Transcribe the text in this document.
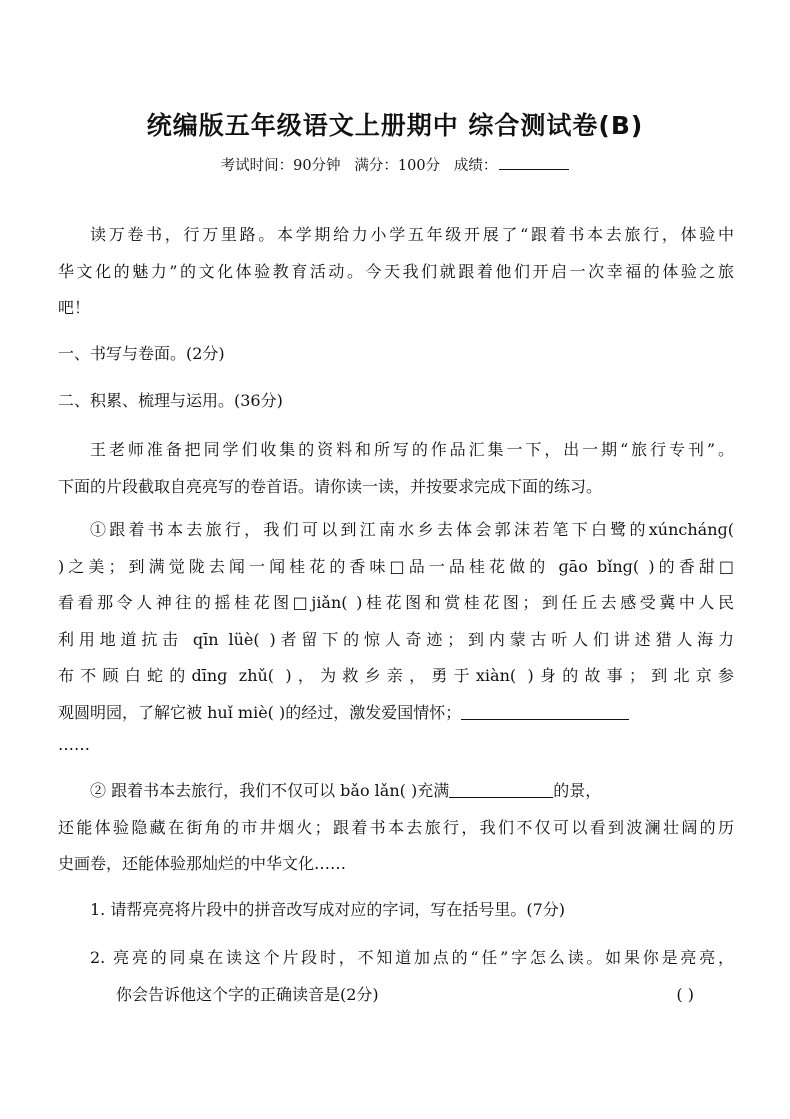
统编版五年级语文上册期中 综合测试卷(B)
考试时间：90分钟   满分：100分   成绩：
读万卷书，行万里路。本学期给力小学五年级开展了“跟着书本去旅行，体验中
华文化的魅力”的文化体验教育活动。今天我们就跟着他们开启一次幸福的体验之旅
吧！
一、书写与卷面。(2分)
二、积累、梳理与运用。(36分)
王老师准备把同学们收集的资料和所写的作品汇集一下，出一期“旅行专刊”。
下面的片段截取自亮亮写的卷首语。请你读一读，并按要求完成下面的练习。
①跟着书本去旅行，我们可以到江南水乡去体会郭沫若笔下白鹭的xúnchánɡ(
)之美；到满觉陇去闻一闻桂花的香味□品一品桂花做的 ɡāo bǐnɡ( )的香甜□
看看那令人神往的摇桂花图□jiǎn( )桂花图和赏桂花图；到任丘去感受冀中人民
利用地道抗击 qīn lüè( )者留下的惊人奇迹；到内蒙古听人们讲述猎人海力
布不顾白蛇的dīnɡ zhǔ( )，为救乡亲，勇于xiàn( )身的故事；到北京参
观圆明园，了解它被 huǐ miè( )的经过，激发爱国情怀；
……
② 跟着书本去旅行，我们不仅可以 bǎo lǎn( )充满	的景，
还能体验隐藏在街角的市井烟火；跟着书本去旅行，我们不仅可以看到波澜壮阔的历
史画卷，还能体验那灿烂的中华文化……
1. 请帮亮亮将片段中的拼音改写成对应的字词，写在括号里。(7分)
2. 亮亮的同桌在读这个片段时，不知道加点的“任”字怎么读。如果你是亮亮，
你会告诉他这个字的正确读音是(2分)	( )
